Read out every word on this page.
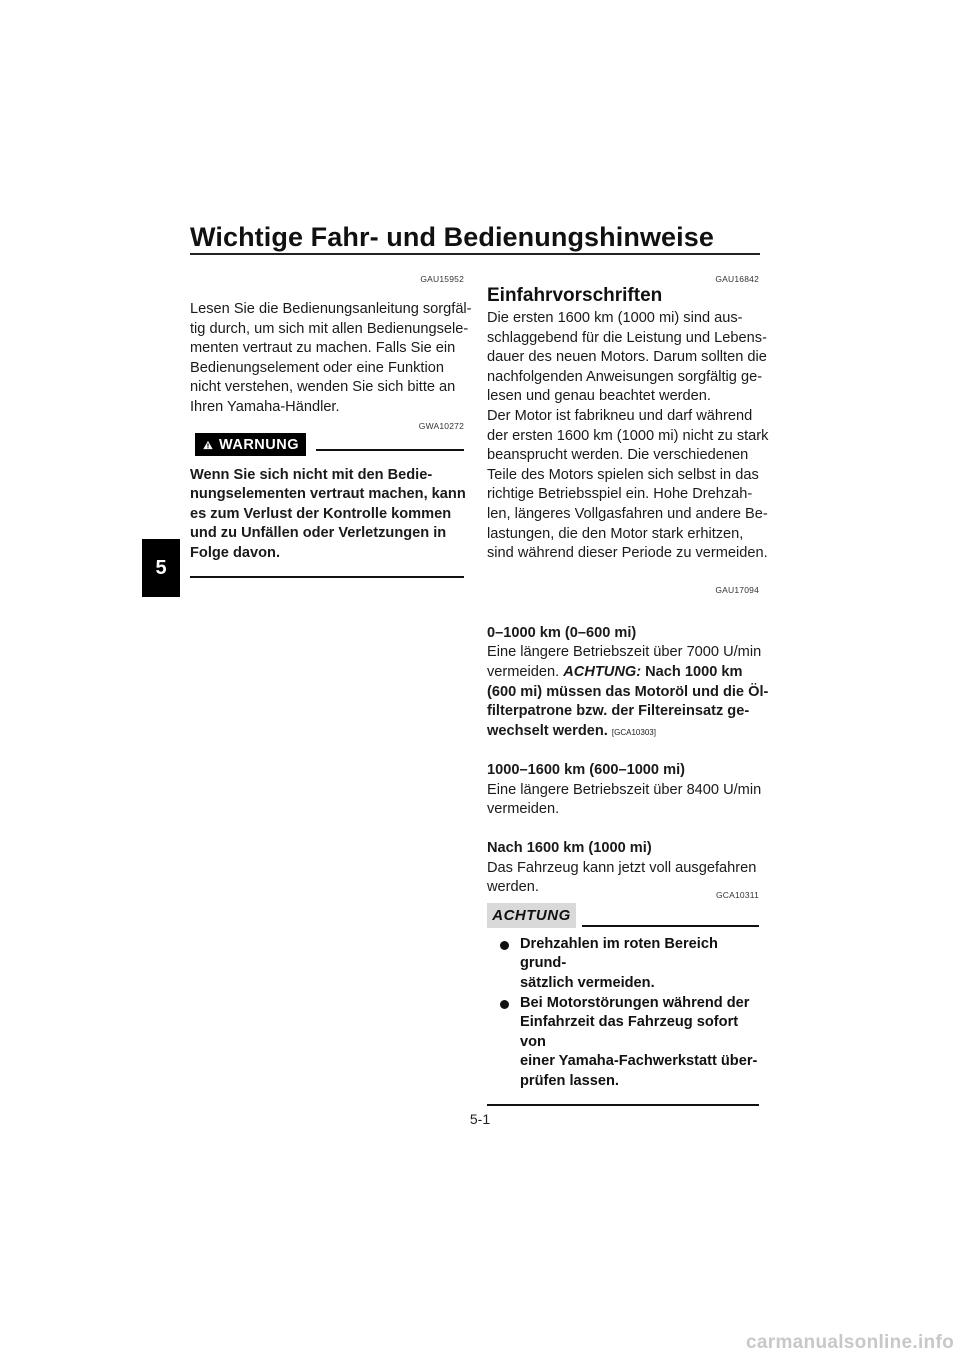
Wichtige Fahr- und Bedienungshinweise
5
GAU15952

Lesen Sie die Bedienungsanleitung sorgfäl-
tig durch, um sich mit allen Bedienungsele-
menten vertraut zu machen. Falls Sie ein
Bedienungselement oder eine Funktion
nicht verstehen, wenden Sie sich bitte an
Ihren Yamaha-Händler.

GWA10272
WARNUNG

Wenn Sie sich nicht mit den Bedie-
nungselementen vertraut machen, kann
es zum Verlust der Kontrolle kommen
und zu Unfällen oder Verletzungen in
Folge davon.

GAU16842
Einfahrvorschriften

Die ersten 1600 km (1000 mi) sind aus-
schlaggebend für die Leistung und Lebens-
dauer des neuen Motors. Darum sollten die
nachfolgenden Anweisungen sorgfältig ge-
lesen und genau beachtet werden.

Der Motor ist fabrikneu und darf während
der ersten 1600 km (1000 mi) nicht zu stark
beansprucht werden. Die verschiedenen
Teile des Motors spielen sich selbst in das
richtige Betriebsspiel ein. Hohe Drehzah-
len, längeres Vollgasfahren und andere Be-
lastungen, die den Motor stark erhitzen,
sind während dieser Periode zu vermeiden.

GAU17094

0–1000 km (0–600 mi)
Eine längere Betriebszeit über 7000 U/min
vermeiden. ACHTUNG: Nach 1000 km
(600 mi) müssen das Motoröl und die Öl-
filterpatrone bzw. der Filtereinsatz ge-
wechselt werden. [GCA10303]

1000–1600 km (600–1000 mi)
Eine längere Betriebszeit über 8400 U/min
vermeiden.

Nach 1600 km (1000 mi)
Das Fahrzeug kann jetzt voll ausgefahren
werden.	GCA10311
ACHTUNG
Drehzahlen im roten Bereich grund-
sätzlich vermeiden.
Bei Motorstörungen während der
Einfahrzeit das Fahrzeug sofort von
einer Yamaha-Fachwerkstatt über-
prüfen lassen.
5-1
carmanualsonline.info
